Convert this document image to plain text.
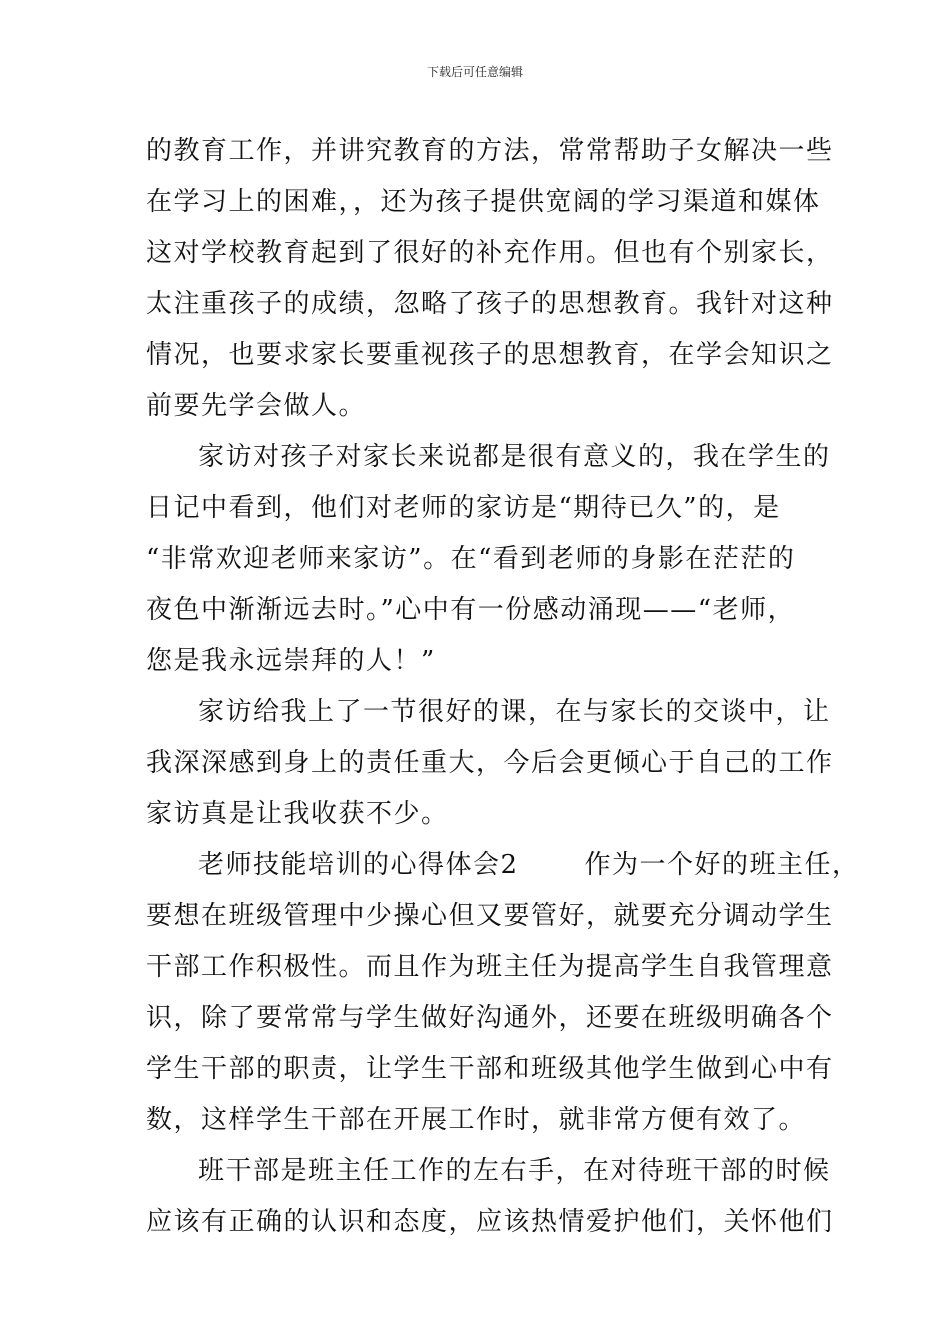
下载后可任意编辑
的教育工作，并讲究教育的方法，常常帮助子女解决一些
在学习上的困难，，还为孩子提供宽阔的学习渠道和媒体
这对学校教育起到了很好的补充作用。但也有个别家长，
太注重孩子的成绩，忽略了孩子的思想教育。我针对这种
情况，也要求家长要重视孩子的思想教育，在学会知识之
前要先学会做人。
家访对孩子对家长来说都是很有意义的，我在学生的
日记中看到，他们对老师的家访是“期待已久”的，是
“非常欢迎老师来家访”。在“看到老师的身影在茫茫的
夜色中渐渐远去时。”心中有一份感动涌现——“老师，
您是我永远崇拜的人！”
家访给我上了一节很好的课，在与家长的交谈中，让
我深深感到身上的责任重大，今后会更倾心于自己的工作
家访真是让我收获不少。
老师技能培训的心得体会2	作为一个好的班主任，
要想在班级管理中少操心但又要管好，就要充分调动学生
干部工作积极性。而且作为班主任为提高学生自我管理意
识，除了要常常与学生做好沟通外，还要在班级明确各个
学生干部的职责，让学生干部和班级其他学生做到心中有
数，这样学生干部在开展工作时，就非常方便有效了。
班干部是班主任工作的左右手，在对待班干部的时候
应该有正确的认识和态度，应该热情爱护他们，关怀他们
